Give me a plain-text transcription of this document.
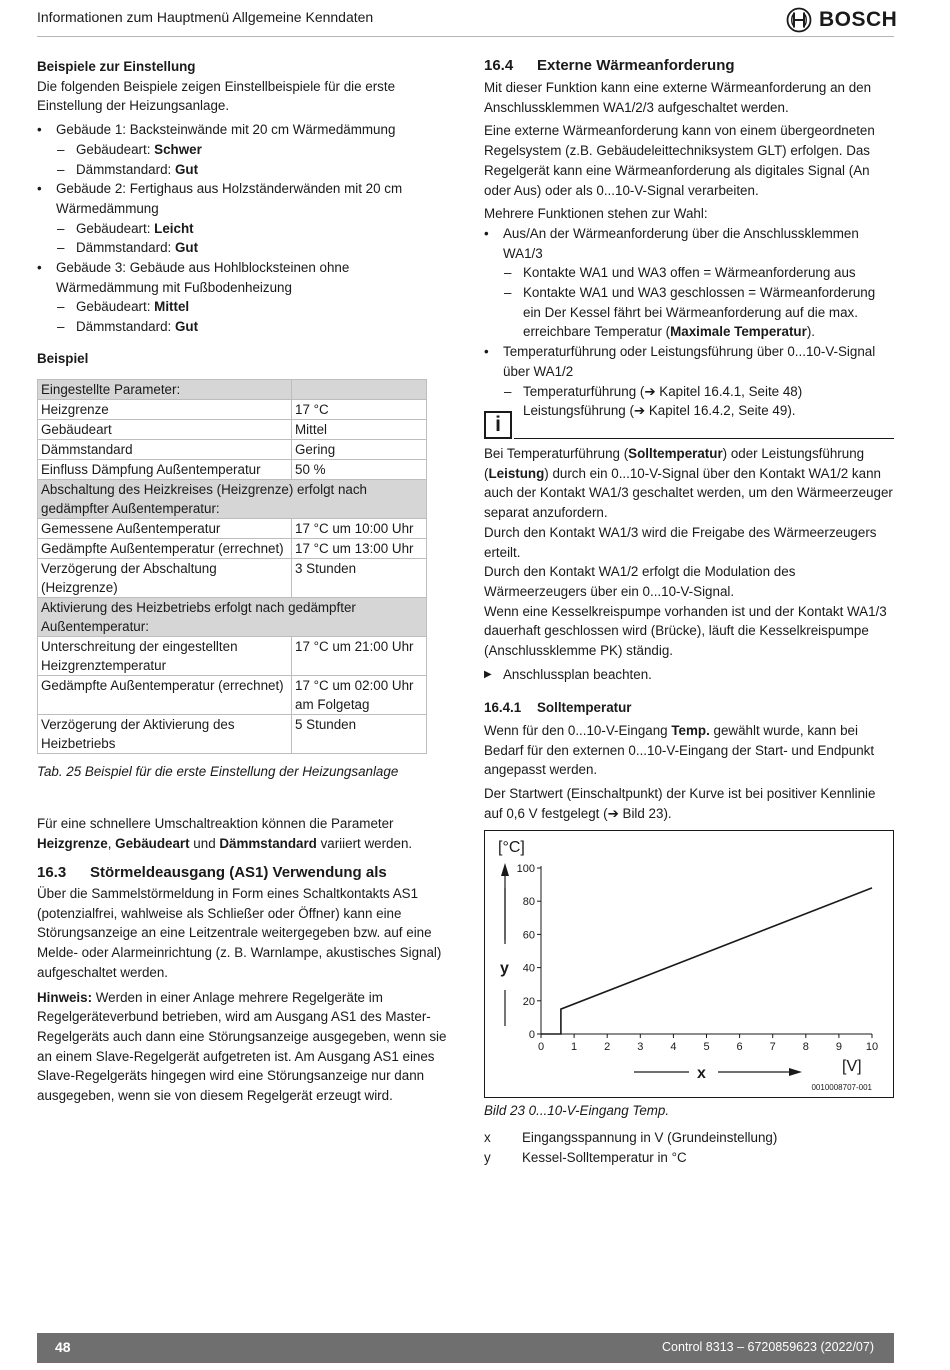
Informationen zum Hauptmenü Allgemeine Kenndaten	BOSCH

Beispiele zur Einstellung

Die folgenden Beispiele zeigen Einstellbeispiele für die erste Einstellung der Heizungsanlage.

•	Gebäude 1: Backsteinwände mit 20 cm Wärmedämmung
– Gebäudeart: Schwer
– Dämmstandard: Gut
•	Gebäude 2: Fertighaus aus Holzständerwänden mit 20 cm Wärmedämmung
– Gebäudeart: Leicht
– Dämmstandard: Gut
•	Gebäude 3: Gebäude aus Hohlblocksteinen ohne Wärmedämmung mit Fußbodenheizung
– Gebäudeart: Mittel
– Dämmstandard: Gut
Beispiel
Eingestellte Parameter:	
Heizgrenze	17 °C
Gebäudeart	Mittel
Dämmstandard	Gering
Einfluss Dämpfung Außentemperatur	50 %
Abschaltung des Heizkreises (Heizgrenze) erfolgt nach gedämpfter Außentemperatur:	
Gemessene Außentemperatur	17 °C um 10:00 Uhr
Gedämpfte Außentemperatur (errechnet)	17 °C um 13:00 Uhr
Verzögerung der Abschaltung (Heizgrenze)	3 Stunden
Aktivierung des Heizbetriebs erfolgt nach gedämpfter Außentemperatur:	
Unterschreitung der eingestellten Heizgrenztemperatur	17 °C um 21:00 Uhr
Gedämpfte Außentemperatur (errechnet)	17 °C um 02:00 Uhr am Folgetag
Verzögerung der Aktivierung des Heizbetriebs	5 Stunden
Tab. 25 Beispiel für die erste Einstellung der Heizungsanlage
Für eine schnellere Umschaltreaktion können die Parameter Heizgrenze, Gebäudeart und Dämmstandard variiert werden.
16.3 Störmeldeausgang (AS1) Verwendung als

Über die Sammelstörmeldung in Form eines Schaltkontakts AS1 (potenzialfrei, wahlweise als Schließer oder Öffner) kann eine Störungsanzeige an eine Leitzentrale weitergegeben bzw. auf eine Melde- oder Alarmeinrichtung (z. B. Warnlampe, akustisches Signal) aufgeschaltet werden.

Hinweis: Werden in einer Anlage mehrere Regelgeräte im Regelgeräteverbund betrieben, wird am Ausgang AS1 des Master-Regelgeräts auch dann eine Störungsanzeige ausgegeben, wenn sie an einem Slave-Regelgerät aufgetreten ist. Am Ausgang AS1 eines Slave-Regelgeräts hingegen wird eine Störungsanzeige nur dann ausgegeben, wenn sie von diesem Regelgerät erzeugt wird.

16.4 Externe Wärmeanforderung

Mit dieser Funktion kann eine externe Wärmeanforderung an den Anschlussklemmen WA1/2/3 aufgeschaltet werden.

Eine externe Wärmeanforderung kann von einem übergeordneten Regelsystem (z.B. Gebäudeleittechniksystem GLT) erfolgen. Das Regelgerät kann eine Wärmeanforderung als digitales Signal (An oder Aus) oder als 0...10-V-Signal verarbeiten.

Mehrere Funktionen stehen zur Wahl:

•	Aus/An der Wärmeanforderung über die Anschlussklemmen WA1/3
– Kontakte WA1 und WA3 offen = Wärmeanforderung aus
– Kontakte WA1 und WA3 geschlossen = Wärmeanforderung ein Der Kessel fährt bei Wärmeanforderung auf die max. erreichbare Temperatur (Maximale Temperatur).
•	Temperaturführung oder Leistungsführung über 0...10-V-Signal über WA1/2
– Temperaturführung (➔ Kapitel 16.4.1, Seite 48)
– Leistungsführung (➔ Kapitel 16.4.2, Seite 49).
i

Bei Temperaturführung (Solltemperatur) oder Leistungsführung (Leistung) durch ein 0...10-V-Signal über den Kontakt WA1/2 kann auch der Kontakt WA1/3 geschaltet werden, um den Wärmeerzeuger separat anzufordern.

Durch den Kontakt WA1/3 wird die Freigabe des Wärmeerzeugers erteilt.

Durch den Kontakt WA1/2 erfolgt die Modulation des Wärmeerzeugers über ein 0...10-V-Signal.

Wenn eine Kesselkreispumpe vorhanden ist und der Kontakt WA1/3 dauerhaft geschlossen wird (Brücke), läuft die Kesselkreispumpe (Anschlussklemme PK) ständig.

▶ Anschlussplan beachten.
16.4.1 Solltemperatur

Wenn für den 0...10-V-Eingang Temp. gewählt wurde, kann bei Bedarf für den externen 0...10-V-Eingang der Start- und Endpunkt angepasst werden.

Der Startwert (Einschaltpunkt) der Kurve ist bei positiver Kennlinie auf 0,6 V festgelegt (➔ Bild 23).

[°C]
y
0
20
40
60
80
100
0 1 2 3 4 5 6 7 8 9 10
[V]
x
0010008707-001
Bild 23 0...10-V-Eingang Temp.
x	Eingangsspannung in V (Grundeinstellung)
y	Kessel-Solltemperatur in °C
48	Control 8313 – 6720859623 (2022/07)
